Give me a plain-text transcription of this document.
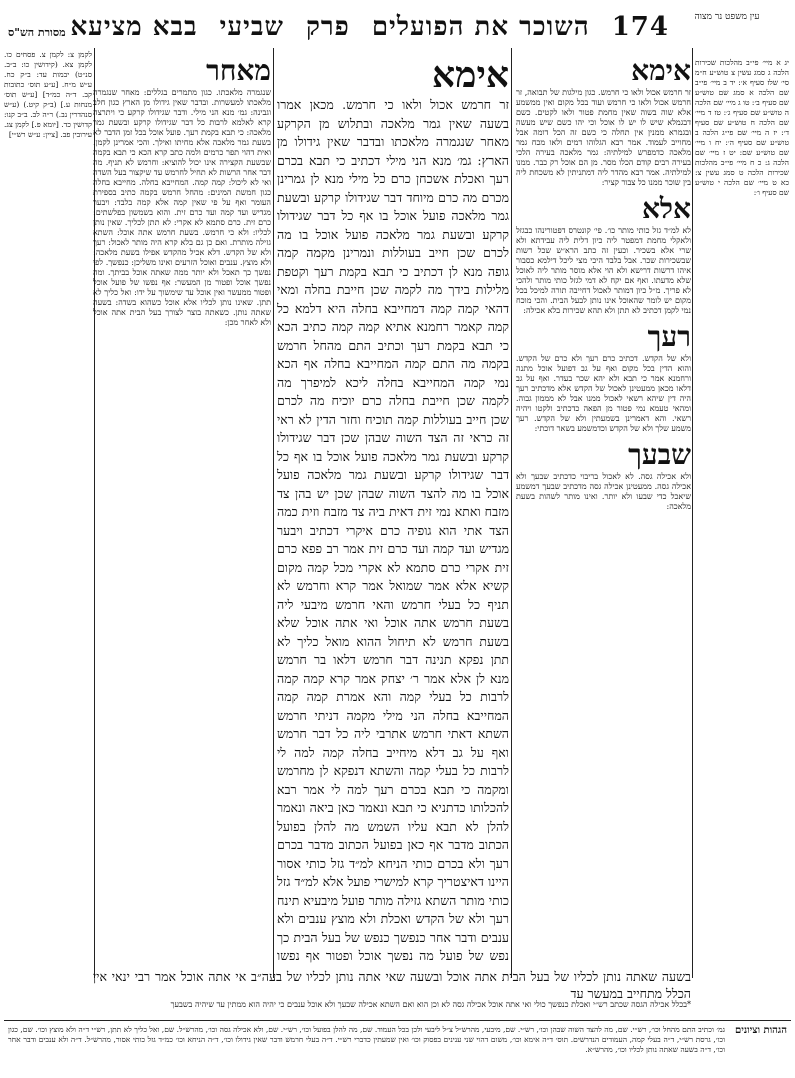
עין משפט נר מצוה
174 השוכר את הפועלים פרק שביעי בבא מציעא
מסורת הש"ס

יג א מיי׳ פי״ב מהלכות שכירות הלכה ג סמג עשין צ טוש״ע ח״מ סי׳ שלז סעיף א׳: יד ב מיי׳ פי״ב שם הלכה א סמג שם טוש״ע שם סעיף ב׳: טו ג מיי׳ שם הלכה ה טוש״ע שם סעיף ג׳: טז ד מיי׳ שם הלכה ח טוש״ע שם סעיף ד׳: יז ה מיי׳ שם פי״ג הלכה ב טוש״ע שם סעיף ה׳: יח ו מיי׳ שם טוש״ע שם: יט ז מיי׳ שם הלכה ג: כ ח מיי׳ פי״ב מהלכות שכירות הלכה ט סמג עשין צ: כא ט מיי׳ שם הלכה י טוש״ע שם סעיף ו׳:

אימא

זר חרמש אכול ולאו כי חרמש. כגון מילגות של תבואה, זר חרמש אכול ולאו כי חרמש ועוד בכל מקום ואין ממשמע אלא שוה בשוה שאין מחמת פטור ולאו לקטים. כשם דבגמלא שיש לו יש לו אוכל וכי יהו כשם שיש מעשה ובגמרא ממנין אין תחלה כי כשם זה הכל דומה אבל מחוייב לעמוד. אמר רבא הגלוהו דמים ולאו מכח גמר מלאכה כדמפרש למילתיה: גמר מלאכה בעירה הלכי בעירה רבים קודם הכלו מסר. מן הם אוכל רק כבר. ממנו למילתיה. אמר רבא מהדר ליה דמתניתין לא משכחת ליה בין שוכר ממנו כל צבור קציר:

אלא

לא למ״ד גזל כותי מותר כו׳. פי׳ קונטרס דפטורינהו כבגזל ולאקלי מחמת דמפטר ליה כיון דלית ליה עבידתא ולא שרי אלא בשכיר. וכעין זה כתב הרא״ש שכל רשות שבשכירות שכר. אבל בלבד היכי מצי ליכל דילמא כסבור איהו דרשות דרישא ולא הוי אלא מוסר מותר ליה לאוכל שלא מדעתו. ואף אם יקח לא דמי לגזל כותי מותר ולהכי לא פריך. מ״ל כיון דמותר לאכול דחייבה תורה למיכל בכל מקום יש לומר שהאוכל אינו נותן לבעל הבית. והכי מוכח נמי לקמן דכתיב לא תתן ולא תהא שכירות בלא אכילה:

רעך

ולא של הקדש. דכתיב כרם רעך ולא כרם של הקדש. והוא הדין בכל מקום ואף על גב דפועל אוכל מתנה ורחמנא אמר כי תבא ולא יהא שכר בעדר. ואף על גב דלאו מכאן ממעטינן לאכול של הקדש אלא מדכתיב רעך היה דין שיהא רשאי לאכול ממנו אבל לא מממון גבוה. ומהאי טעמא נמי פטור מן הפאה כדכתיב ולקטו ויהיה רשאי. והא דאמרינן בשמעתין ולא של הקדש. רעך משמע שלך ולא של הקדש וכדמשמע בשאר דוכתי:

שבעך

ולא אכילה גסה. לא לאכול בריבוי כדכתיב שבעך ולא אכילה גסה. ממעטינן אכילה גסה מדכתיב שבעך דמשמע שיאכל כדי שבעו ולא יותר. ואינו מותר לשהות בשעת מלאכה:

אימא

זר חרמש אכול ולאו כי חרמש. מכאן אמרו בשעה שאין גמר מלאכה ובתלוש מן הקרקע מאחר שנגמרה מלאכתו ובדבר שאין גידולו מן הארץ: גמ׳ מנא הני מילי דכתיב כי תבא בכרם רעך ואכלת אשכחן כרם כל מילי מנא לן גמרינן מכרם מה כרם מיוחד דבר שגידולו קרקע ובשעת גמר מלאכה פועל אוכל בו אף כל דבר שגידולו קרקע ובשעת גמר מלאכה פועל אוכל בו מה לכרם שכן חייב בעוללות ונמרינן מקמה קמה גופה מנא לן דכתיב כי תבא בקמת רעך וקטפת מלילות בידך מה לקמה שכן חייבת בחלה ומאי דהאי קמה קמה דמחייבא בחלה היא דלמא כל קמה קאמר רחמנא אתיא קמה קמה כתיב הכא כי תבא בקמת רעך וכתיב התם מהחל חרמש בקמה מה התם קמה המחייבא בחלה אף הכא נמי קמה המחייבא בחלה ליכא למיפרך מה לקמה שכן חייבת בחלה כרם יוכיח מה לכרם שכן חייב בעוללות קמה תוכיח וחזר הדין לא ראי זה כראי זה הצד השוה שבהן שכן דבר שגידולו קרקע ובשעת גמר מלאכה פועל אוכל בו אף כל דבר שגידולו קרקע ובשעת גמר מלאכה פועל אוכל בו מה להצד השוה שבהן שכן יש בהן צד מזבח ואתא נמי זית דאית ביה צד מזבח וזית כמה הצד אתי הוא גופיה כרם איקרי דכתיב ויבער מגדיש ועד קמה ועד כרם זית אמר רב פפא כרם זית אקרי כרם סתמא לא אקרי מכל קמה מקום קשיא אלא אמר שמואל אמר קרא וחרמש לא תניף כל בעלי חרמש והאי חרמש מיבעי ליה בשעת חרמש אתה אוכל ואי אתה אוכל שלא בשעת חרמש לא תיחול ההוא מואל כליך לא תתן נפקא תנינה דבר חרמש דלאו בר חרמש מנא לן אלא אמר ר׳ יצחק אמר קרא קמה קמה לרבות כל בעלי קמה והא אמרת קמה קמה המחייבא בחלה הני מילי מקמה דניתי חרמש השתא דאתי חרמש אתרבי ליה כל דבר חרמש ואף על גב דלא מיחייב בחלה קמה למה לי לרבות כל בעלי קמה והשתא דנפקא לן מחרמש ומקמה כי תבא בכרם רעך למה לי אמר רבא להכלותו כדתניא כי תבא ונאמר כאן ביאה ונאמר להלן לא תבא עליו השמש מה להלן בפועל הכתוב מדבר אף כאן בפועל הכתוב מדבר בכרם רעך ולא בכרם כותי הניחא למ״ד גזל כותי אסור היינו דאיצטריך קרא למישרי פועל אלא למ״ד גזל כותי מותר השתא גזילה מותר פועל מיבעיא תינח רעך ולא של הקדש ואכלת ולא מוצץ ענבים ולא ענבים ודבר אחר כנפשך כנפש של בעל הבית כך נפש של פועל מה נפשך אוכל ופטור אף נפשו

מאחר

שנגמרה מלאכתו. כגון מתמרים בגללים: מאחר שנגמרה מלאכתו למעשרות. ובדבר שאין גידולו מן הארץ כגון חלב וגבינה: גמ׳ מנא הני מילי. ודבר שגידולו קרקע כי ויתרצה קרא לאלמא לרבות כל דבר שגידולו קרקע ובשעת גמר מלאכה: כי תבא בקמת רעך. פועל אוכל בכל זמן הדבר לא בשעת גמר מלאכה אלא מחיתו ואילך. והכי אמרינן לקמן. ואית דהוי תפר כרמים ולמה כתב קרא הכא כי תבא בקמה שבשעת הקצירה אינו יכול להוציא: וחרמש לא תניף. מה דבר אחר הרשות לא תחיל לחרמש עד שיקצור בעל השדה ואי לא ליכול: קמה קמה. המחייבא בחלה. מחייבא בחלה כגון חמשת המינים: מהחל חרמש בקמה כתיב בספירת העומר ואף על פי שאין קמה אלא קמה בלבד: ויבער מגדיש ועד קמה ועד כרם זית. והוא בשמשון בפלשתים: כרם זית. כרם סתמא לא אקרי: לא תתן לכליך. שאין נותן לכליו: ולא כי חרמש. בשעת חרמש אתה אוכל: השתא גזילה מותרת. ואם כן גם בלא קרא היה מותר לאכול: רעך ולא של הקדש. דלא אכיל מהקדש אפילו בשעת מלאכה: ולא מוצץ. ענבים ואוכל הזרעים ואינו משליכן: כנפשך. לפי נפשך כך תאכל ולא יותר ממה שאתה אוכל בביתך. ומה נפשך אוכל ופטור מן המעשר: אף נפשו של פועל אוכל ופטור ממעשר ואין אוכל עד שימשוך על ידו: ואל כליך לא תתן. שאינו נותן לכליו אלא אוכל כשהוא בשדה: בשעה שאתה נותן. כשאתה בוצר לצורך בעל הבית אתה אוכל ולא לאחר מכן:

לקמן צ: לקמן צ. פסחים כו. לקמן צא. (קידושין כו: ב״ב. סנ״ט) יבמות עד: ב״ק כח. ע״ש מ״ח. [ע״ע תוס׳ כתובות קב. ד״ה כמ״ד] [ע״ש תוס׳ מנחות ע.] (ב״ק קיט.) (ע״ש סנהדרין נב.) ר״ה לב. ב״ב קנו: קדושין כד. [יומא פ.] לקמן צג. עירובין פב. [ציין: ע״ש רש״י]

בשעה שאתה נותן לכליו של בעל הבית אתה אוכל ובשעה שאי אתה נותן לכליו של בעה״ב אי אתה אוכל אמר רבי ינאי אין הכלל מתחייב במעשר עד

*בכלל אכילה הגסה שכתב רש״י ואכלת כנפשך כולי ואי אתה אוכל אכילה גסה לא וכן הוא ואם השתא אכילה שבעך ולא אוכל ענבים כי יהיה הוא ממתין עד שיהיה בשבעך

הגהות וציונים
גמ׳ וכתיב התם מהחל וכו׳, רש״י. שם, מה להצד השוה שבהן וכו׳, רש״י. שם, מיבעי, מהרש״ל צ״ל ליבעי ולכן בכל העמוד. שם, מה להלן בפועל וכו׳, רש״י. שם, ולא אכילה גסה וכו׳, מהרש״ל. שם, ואל כליך לא תתן, רש״י ד״ה ולא מוצץ וכו׳. שם, כגון וכו׳, גרסת רש״י, ד״ה בעלי קמה, העמודים הנדרשים. תוס׳ ד״ה אימא וכו׳, משום דהוי שני ענינים בפסוק וכו׳ ואין שמעתין כדברי רש״י. ד״ה בעלי חרמש ודבר שאין גידולו וכו׳, ד״ה הניחא וכו׳ כמ״ד גזל כותי אסור, מהרש״ל. ד״ה ולא ענבים ודבר אחר וכו׳, ד״ה בשעה שאתה נותן לכליו וכו׳, מהרש״א.
